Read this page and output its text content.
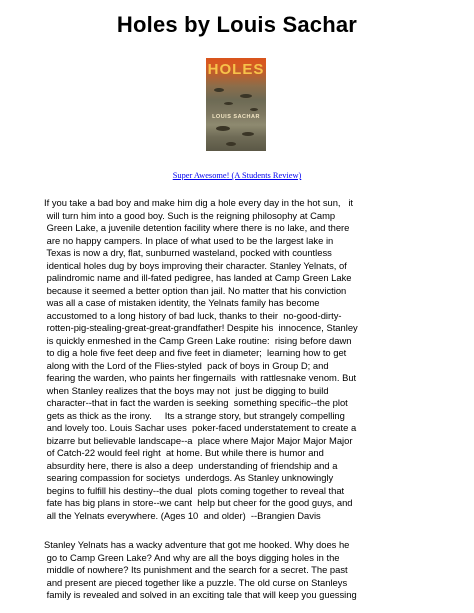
Holes by Louis Sachar
HOLES
LOUIS SACHAR
Super Awesome! (A Students Review)
If you take a bad boy and make him dig a hole every day in the hot sun,   it
will turn him into a good boy. Such is the reigning philosophy at Camp
Green Lake, a juvenile detention facility where there is no lake, and there
are no happy campers. In place of what used to be the largest lake in
Texas is now a dry, flat, sunburned wasteland, pocked with countless
identical holes dug by boys improving their character. Stanley Yelnats, of
palindromic name and ill-fated pedigree, has landed at Camp Green Lake
because it seemed a better option than jail. No matter that his conviction
was all a case of mistaken identity, the Yelnats family has become
accustomed to a long history of bad luck, thanks to their  no-good-dirty-
rotten-pig-stealing-great-great-grandfather! Despite his  innocence, Stanley
is quickly enmeshed in the Camp Green Lake routine:  rising before dawn
to dig a hole five feet deep and five feet in diameter;  learning how to get
along with the Lord of the Flies-styled  pack of boys in Group D; and
fearing the warden, who paints her fingernails  with rattlesnake venom. But
when Stanley realizes that the boys may not  just be digging to build
character--that in fact the warden is seeking  something specific--the plot
gets as thick as the irony.     Its a strange story, but strangely compelling
and lovely too. Louis Sachar uses  poker-faced understatement to create a
bizarre but believable landscape--a  place where Major Major Major Major
of Catch-22 would feel right  at home. But while there is humor and
absurdity here, there is also a deep  understanding of friendship and a
searing compassion for societys  underdogs. As Stanley unknowingly
begins to fulfill his destiny--the dual  plots coming together to reveal that
fate has big plans in store--we cant  help but cheer for the good guys, and
all the Yelnats everywhere. (Ages 10  and older)  --Brangien Davis
Stanley Yelnats has a wacky adventure that got me hooked. Why does he
go to Camp Green Lake? And why are all the boys digging holes in the
middle of nowhere? Its punishment and the search for a secret. The past
and present are pieced together like a puzzle. The old curse on Stanleys
family is revealed and solved in an exciting tale that will keep you guessing
